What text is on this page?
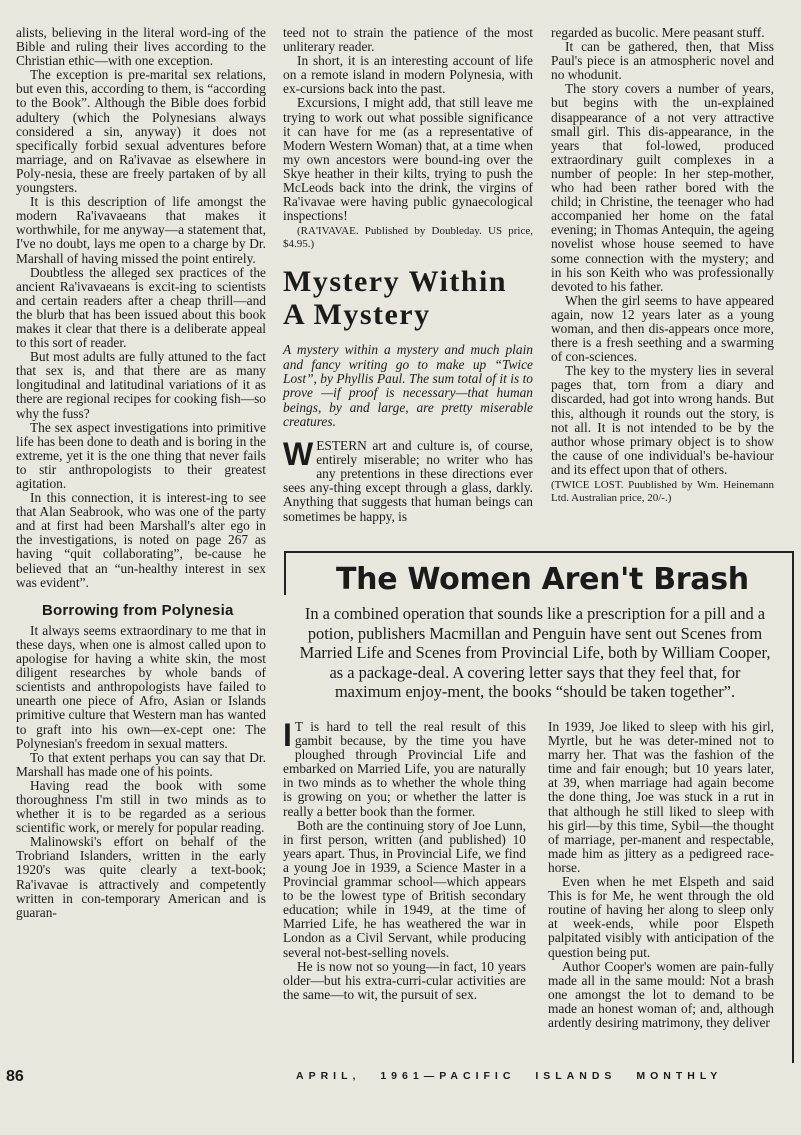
alists, believing in the literal word-ing of the Bible and ruling their lives according to the Christian ethic—with one exception.

The exception is pre-marital sex relations, but even this, according to them, is “according to the Book”. Although the Bible does forbid adultery (which the Polynesians always considered a sin, anyway) it does not specifically forbid sexual adventures before marriage, and on Ra'ivavae as elsewhere in Poly-nesia, these are freely partaken of by all youngsters.

It is this description of life amongst the modern Ra'ivavaeans that makes it worthwhile, for me anyway—a statement that, I've no doubt, lays me open to a charge by Dr. Marshall of having missed the point entirely.

Doubtless the alleged sex practices of the ancient Ra'ivavaeans is excit-ing to scientists and certain readers after a cheap thrill—and the blurb that has been issued about this book makes it clear that there is a deliberate appeal to this sort of reader.

But most adults are fully attuned to the fact that sex is, and that there are as many longitudinal and latitudinal variations of it as there are regional recipes for cooking fish—so why the fuss?

The sex aspect investigations into primitive life has been done to death and is boring in the extreme, yet it is the one thing that never fails to stir anthropologists to their greatest agitation.

In this connection, it is interest-ing to see that Alan Seabrook, who was one of the party and at first had been Marshall's alter ego in the investigations, is noted on page 267 as having “quit collaborating”, be-cause he believed that an “un-healthy interest in sex was evident”.

Borrowing from Polynesia

It always seems extraordinary to me that in these days, when one is almost called upon to apologise for having a white skin, the most diligent researches by whole bands of scientists and anthropologists have failed to unearth one piece of Afro, Asian or Islands primitive culture that Western man has wanted to graft into his own—ex-cept one: The Polynesian's freedom in sexual matters.

To that extent perhaps you can say that Dr. Marshall has made one of his points.

Having read the book with some thoroughness I'm still in two minds as to whether it is to be regarded as a serious scientific work, or merely for popular reading.

Malinowski's effort on behalf of the Trobriand Islanders, written in the early 1920's was quite clearly a text-book; Ra'ivavae is attractively and competently written in con-temporary American and is guaran-

teed not to strain the patience of the most unliterary reader.

In short, it is an interesting account of life on a remote island in modern Polynesia, with ex-cursions back into the past.

Excursions, I might add, that still leave me trying to work out what possible significance it can have for me (as a representative of Modern Western Woman) that, at a time when my own ancestors were bound-ing over the Skye heather in their kilts, trying to push the McLeods back into the drink, the virgins of Ra'ivavae were having public gynaecological inspections!

(RA'IVAVAE. Published by Doubleday. US price, $4.95.)

Mystery Within
A Mystery
A mystery within a mystery and much plain and fancy writing go to make up “Twice Lost”, by Phyllis Paul. The sum total of it is to prove —if proof is necessary—that human beings, by and large, are pretty miserable creatures.

WESTERN art and culture is, of course, entirely miserable; no writer who has any pretentions in these directions ever sees any-thing except through a glass, darkly. Anything that suggests that human beings can sometimes be happy, is

regarded as bucolic. Mere peasant stuff.

It can be gathered, then, that Miss Paul's piece is an atmospheric novel and no whodunit.

The story covers a number of years, but begins with the un-explained disappearance of a not very attractive small girl. This dis-appearance, in the years that fol-lowed, produced extraordinary guilt complexes in a number of people: In her step-mother, who had been rather bored with the child; in Christine, the teenager who had accompanied her home on the fatal evening; in Thomas Antequin, the ageing novelist whose house seemed to have some connection with the mystery; and in his son Keith who was professionally devoted to his father.

When the girl seems to have appeared again, now 12 years later as a young woman, and then dis-appears once more, there is a fresh seething and a swarming of con-sciences.

The key to the mystery lies in several pages that, torn from a diary and discarded, had got into wrong hands. But this, although it rounds out the story, is not all. It is not intended to be by the author whose primary object is to show the cause of one individual's be-haviour and its effect upon that of others.

(TWICE LOST. Puublished by Wm. Heinemann Ltd. Australian price, 20/-.)

The Women Aren't Brash
In a combined operation that sounds like a prescription for a pill and a potion, publishers Macmillan and Penguin have sent out Scenes from Married Life and Scenes from Provincial Life, both by William Cooper, as a package-deal. A covering letter says that they feel that, for maximum enjoy-ment, the books “should be taken together”.

I T is hard to tell the real result of this gambit because, by the time you have ploughed through Provincial Life and embarked on Married Life, you are naturally in two minds as to whether the whole thing is growing on you; or whether the latter is really a better book than the former.

Both are the continuing story of Joe Lunn, in first person, written (and published) 10 years apart. Thus, in Provincial Life, we find a young Joe in 1939, a Science Master in a Provincial grammar school—which appears to be the lowest type of British secondary education; while in 1949, at the time of Married Life, he has weathered the war in London as a Civil Servant, while producing several not-best-selling novels.

He is now not so young—in fact, 10 years older—but his extra-curri-cular activities are the same—to wit, the pursuit of sex.

In 1939, Joe liked to sleep with his girl, Myrtle, but he was deter-mined not to marry her. That was the fashion of the time and fair enough; but 10 years later, at 39, when marriage had again become the done thing, Joe was stuck in a rut in that although he still liked to sleep with his girl—by this time, Sybil—the thought of marriage, per-manent and respectable, made him as jittery as a pedigreed race-horse.

Even when he met Elspeth and said This is for Me, he went through the old routine of having her along to sleep only at week-ends, while poor Elspeth palpitated visibly with anticipation of the question being put.

Author Cooper's women are pain-fully made all in the same mould: Not a brash one amongst the lot to demand to be made an honest woman of; and, although ardently desiring matrimony, they deliver

86	APRIL, 1961—PACIFIC ISLANDS MONTHLY
